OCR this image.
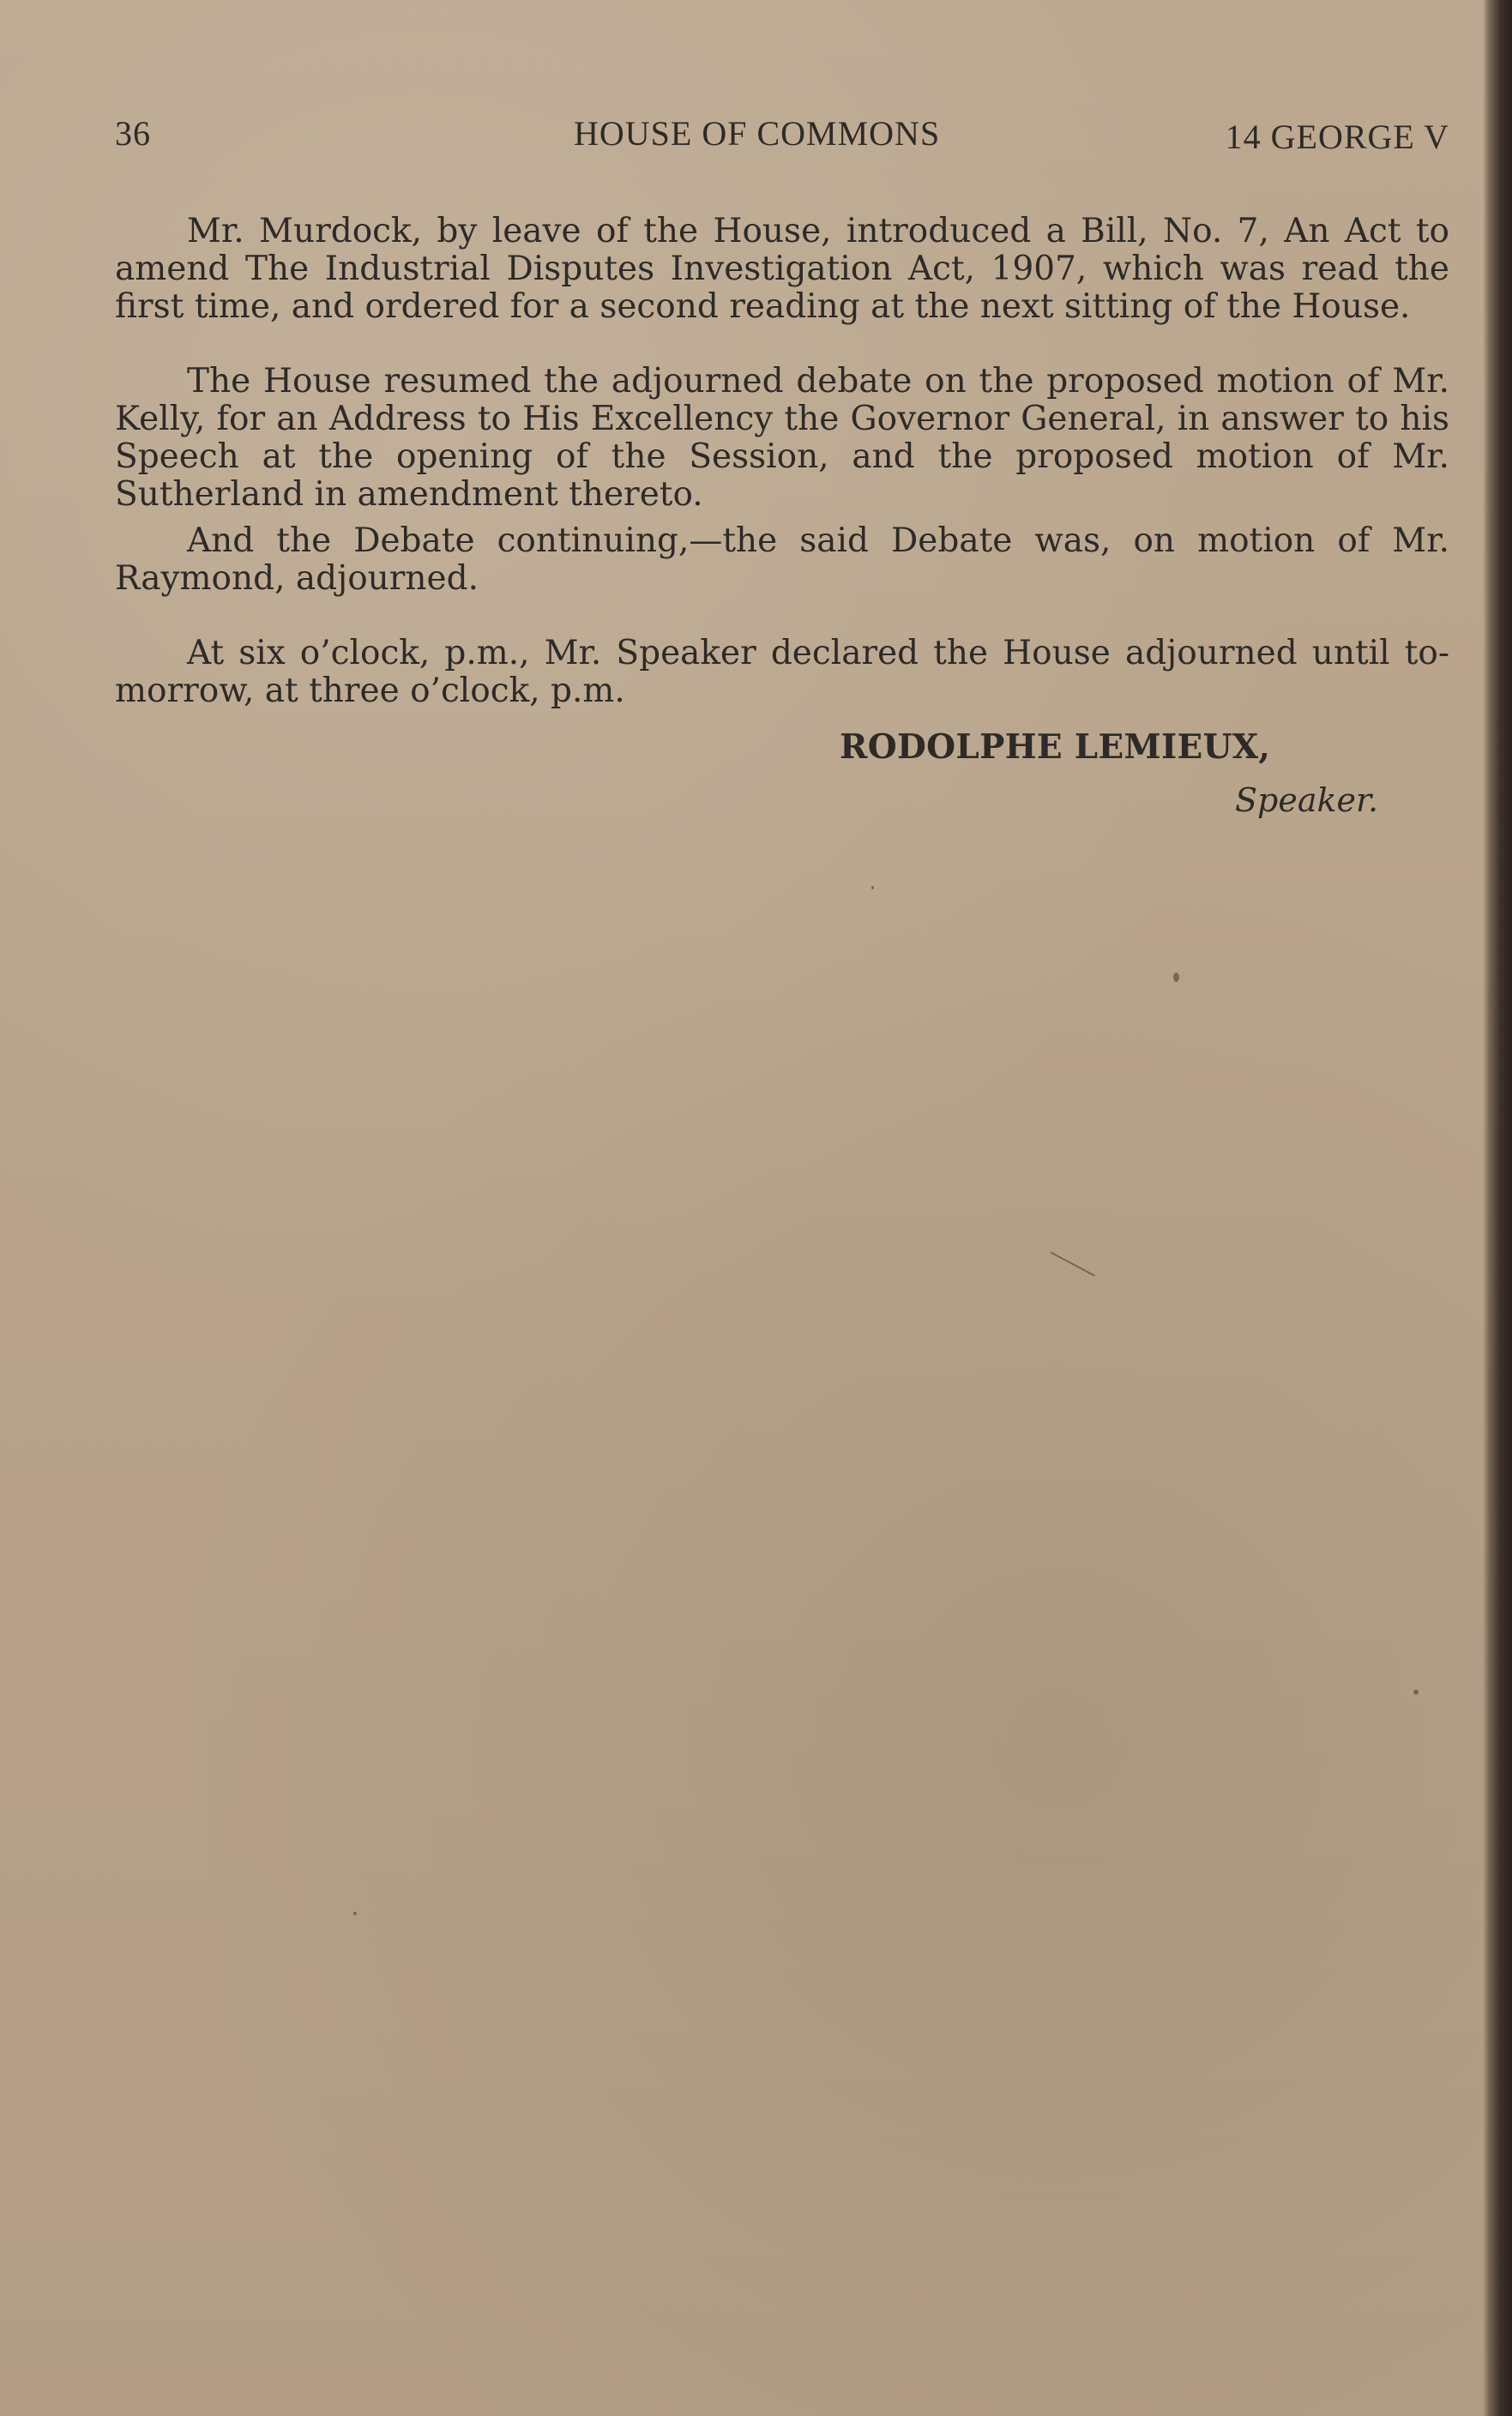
36	HOUSE OF COMMONS	14 GEORGE V

Mr. Murdock, by leave of the House, introduced a Bill, No. 7, An Act to amend The Industrial Disputes Investigation Act, 1907, which was read the first time, and ordered for a second reading at the next sitting of the House.

The House resumed the adjourned debate on the proposed motion of Mr. Kelly, for an Address to His Excellency the Governor General, in answer to his Speech at the opening of the Session, and the proposed motion of Mr. Sutherland in amendment thereto.

And the Debate continuing,—the said Debate was, on motion of Mr. Raymond, adjourned.

At six o’clock, p.m., Mr. Speaker declared the House adjourned until to-morrow, at three o’clock, p.m.

RODOLPHE LEMIEUX,
Speaker.
